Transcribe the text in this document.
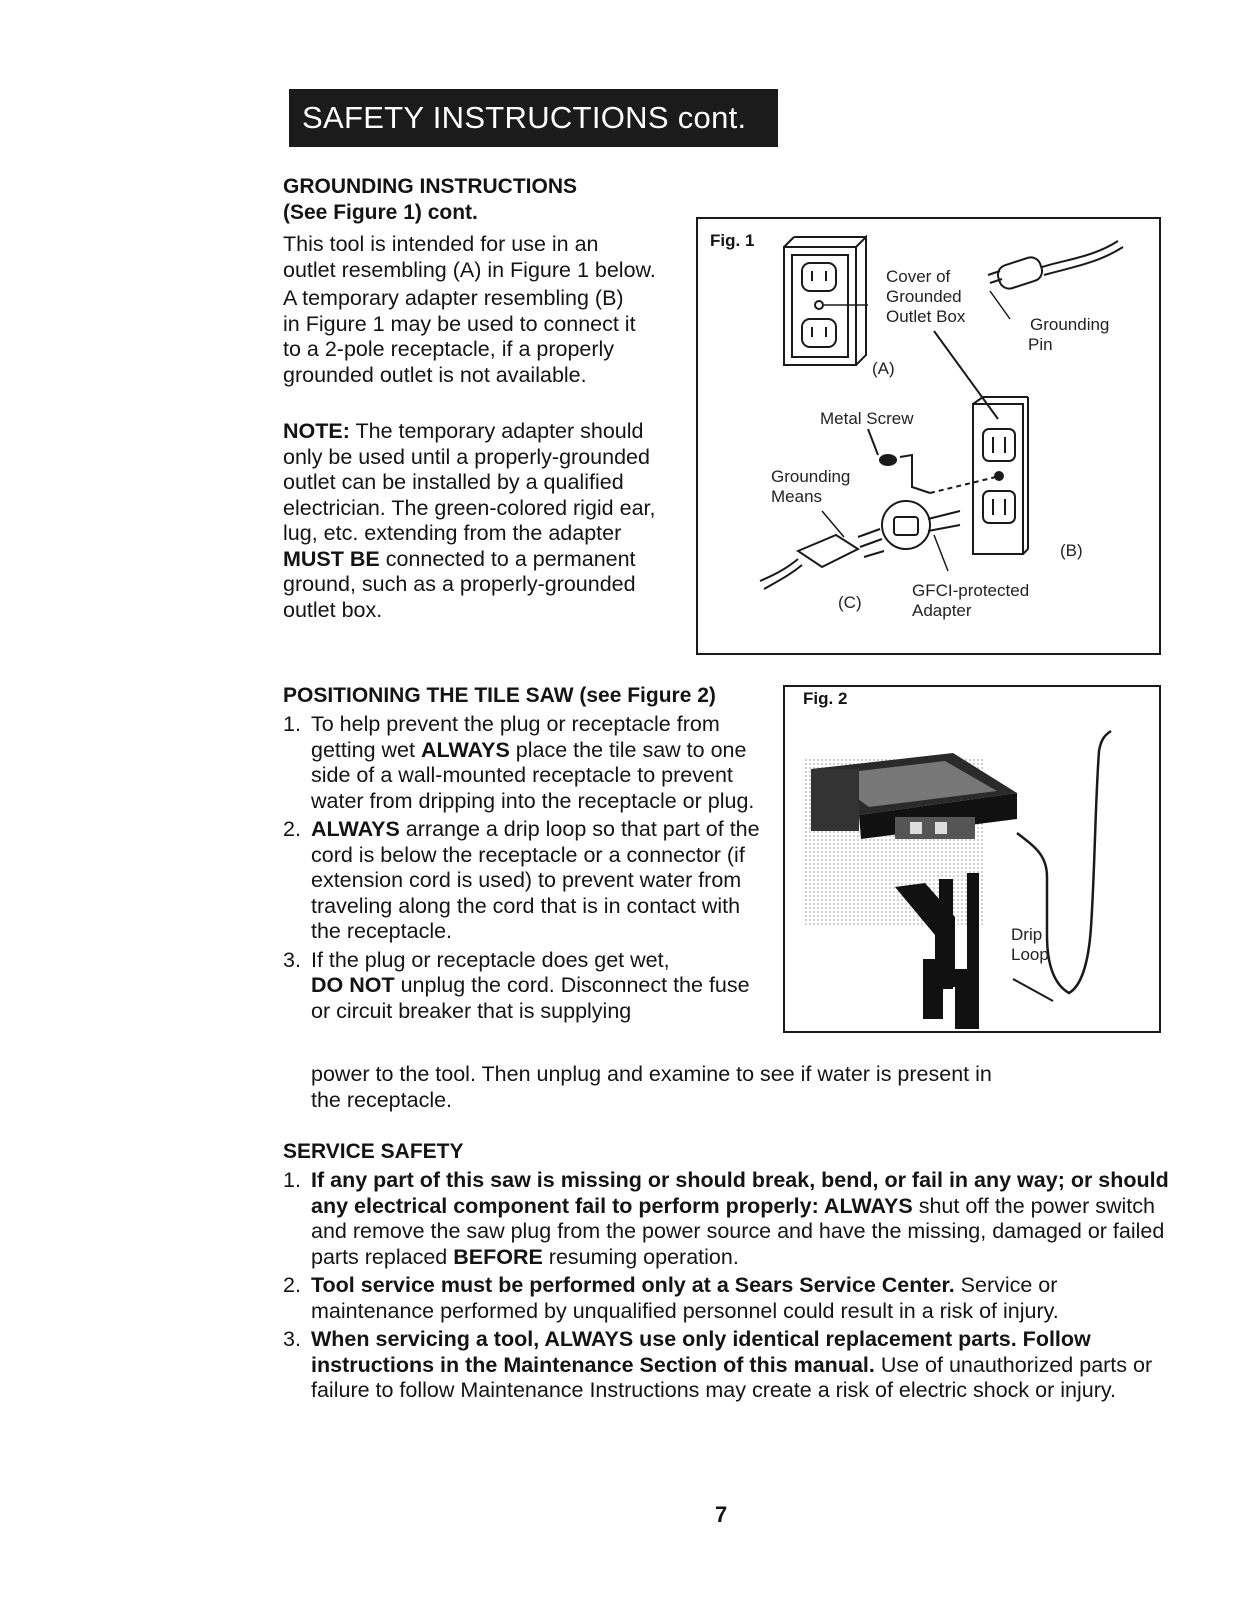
SAFETY INSTRUCTIONS cont.
GROUNDING INSTRUCTIONS
(See Figure 1) cont.
This tool is intended for use in an
outlet resembling (A) in Figure 1 below.
A temporary adapter resembling (B)
in Figure 1 may be used to connect it
to a 2-pole receptacle, if a properly
grounded outlet is not available.
NOTE: The temporary adapter should only be used until a properly-grounded outlet can be installed by a qualified electrician. The green-colored rigid ear, lug, etc. extending from the adapter MUST BE connected to a permanent ground, such as a properly-grounded outlet box.
Fig. 1
Cover of
Grounded
Outlet Box	Grounding
Pin
(A)
Metal Screw
Grounding
Means
(B)
(C)
GFCI-protected
Adapter
POSITIONING THE TILE SAW (see Figure 2)
1. To help prevent the plug or receptacle from getting wet ALWAYS place the tile saw to one side of a wall-mounted receptacle to prevent water from dripping into the receptacle or plug.
2. ALWAYS arrange a drip loop so that part of the cord is below the receptacle or a connector (if extension cord is used) to prevent water from traveling along the cord that is in contact with the receptacle.
3. If the plug or receptacle does get wet,
DO NOT unplug the cord. Disconnect the fuse or circuit breaker that is supplying
power to the tool. Then unplug and examine to see if water is present in
the receptacle.
Fig. 2
Drip
Loop
SERVICE SAFETY
1. If any part of this saw is missing or should break, bend, or fail in any way; or should any electrical component fail to perform properly: ALWAYS shut off the power switch and remove the saw plug from the power source and have the missing, damaged or failed parts replaced BEFORE resuming operation.
2. Tool service must be performed only at a Sears Service Center. Service or maintenance performed by unqualified personnel could result in a risk of injury.
3. When servicing a tool, ALWAYS use only identical replacement parts. Follow instructions in the Maintenance Section of this manual. Use of unauthorized parts or failure to follow Maintenance Instructions may create a risk of electric shock or injury.
7
